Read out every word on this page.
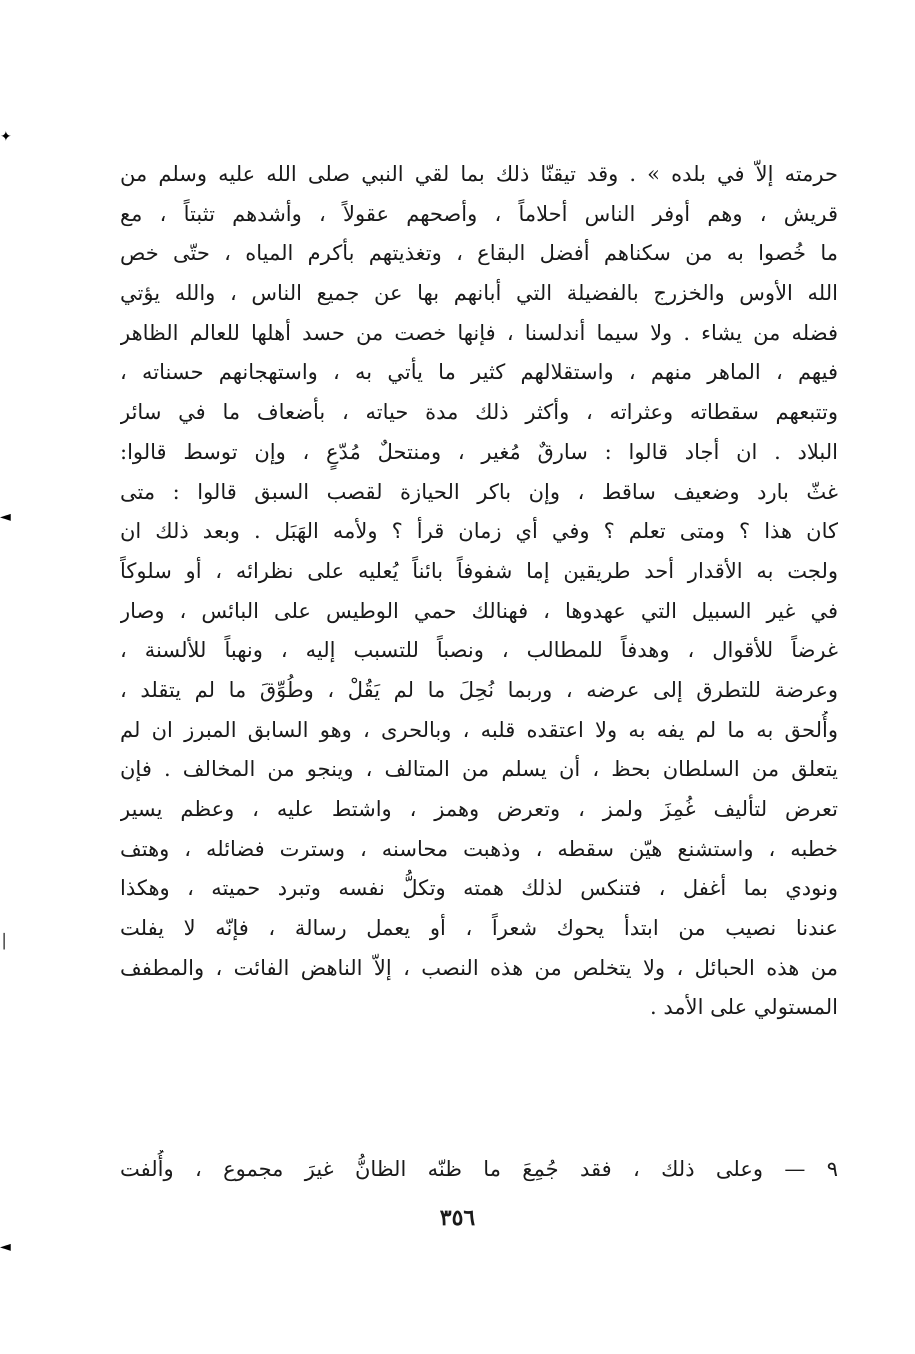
✦
◄
│
◄
حرمته إلاّ في بلده » . وقد تيقنّا ذلك بما لقي النبي صلى الله عليه وسلم من
قريش ، وهم أوفر الناس أحلاماً ، وأصحهم عقولاً ، وأشدهم تثبتاً ، مع
ما خُصوا به من سكناهم أفضل البقاع ، وتغذيتهم بأكرم المياه ، حتّى خص
الله الأوس والخزرج بالفضيلة التي أبانهم بها عن جميع الناس ، والله يؤتي
فضله من يشاء . ولا سيما أندلسنا ، فإنها خصت من حسد أهلها للعالم الظاهر
فيهم ، الماهر منهم ، واستقلالهم كثير ما يأتي به ، واستهجانهم حسناته ،
وتتبعهم سقطاته وعثراته ، وأكثر ذلك مدة حياته ، بأضعاف ما في سائر
البلاد . ان أجاد قالوا : سارقٌ مُغير ، ومنتحلٌ مُدّعٍ ، وإن توسط قالوا:
غثّ بارد وضعيف ساقط ، وإن باكر الحيازة لقصب السبق قالوا : متى
كان هذا ؟ ومتى تعلم ؟ وفي أي زمان قرأ ؟ ولأمه الهَبَل . وبعد ذلك ان
ولجت به الأقدار أحد طريقين إما شفوفاً بائناً يُعليه على نظرائه ، أو سلوكاً
في غير السبيل التي عهدوها ، فهنالك حمي الوطيس على البائس ، وصار
غرضاً للأقوال ، وهدفاً للمطالب ، ونصباً للتسبب إليه ، ونهباً للألسنة ،
وعرضة للتطرق إلى عرضه ، وربما نُحِلَ ما لم يَقُلْ ، وطُوِّقَ ما لم يتقلد ،
وأُلحق به ما لم يفه به ولا اعتقده قلبه ، وبالحرى ، وهو السابق المبرز ان لم
يتعلق من السلطان بحظ ، أن يسلم من المتالف ، وينجو من المخالف . فإن
تعرض لتأليف غُمِزَ ولمز ، وتعرض وهمز ، واشتط عليه ، وعظم يسير
خطبه ، واستشنع هيّن سقطه ، وذهبت محاسنه ، وسترت فضائله ، وهتف
ونودي بما أغفل ، فتنكس لذلك همته وتكلُّ نفسه وتبرد حميته ، وهكذا
عندنا نصيب من ابتدأ يحوك شعراً ، أو يعمل رسالة ، فإنّه لا يفلت
من هذه الحبائل ، ولا يتخلص من هذه النصب ، إلاّ الناهض الفائت ، والمطفف
المستولي على الأمد .
٩ — وعلى ذلك ، فقد جُمِعَ ما ظنّه الظانُّ غيرَ مجموع ، وأُلفت
٣٥٦
